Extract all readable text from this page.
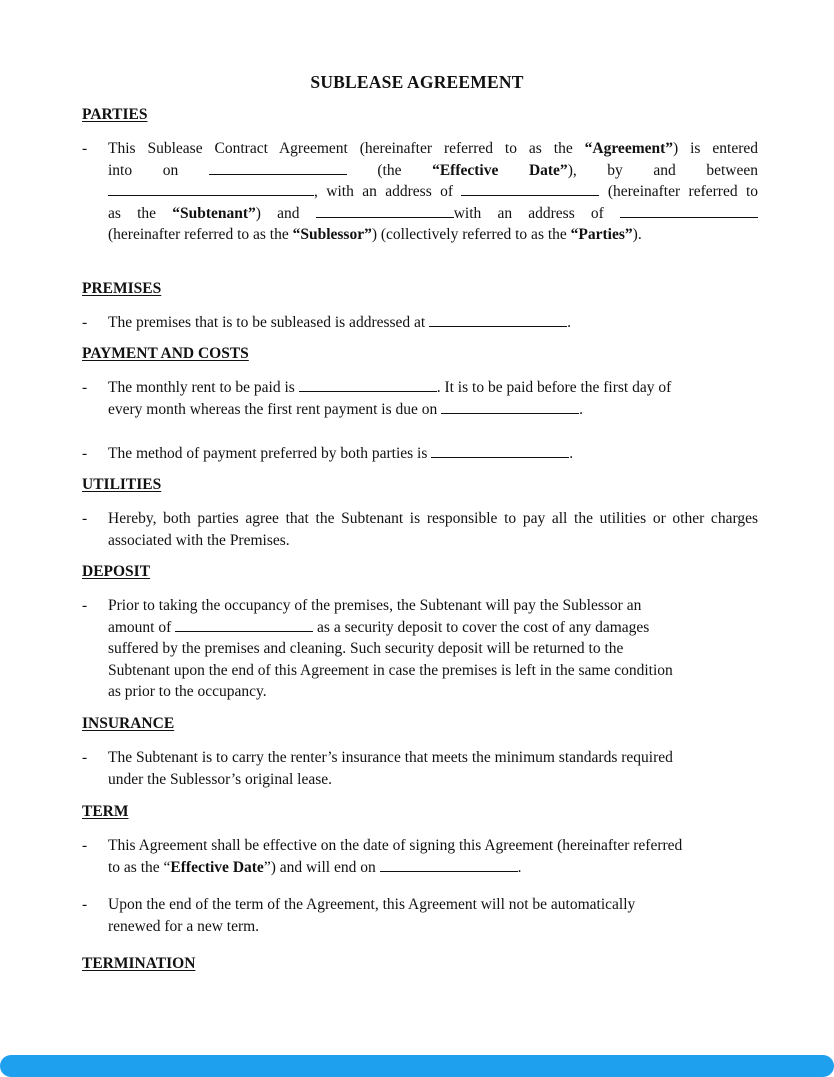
SUBLEASE AGREEMENT
PARTIES
-	This Sublease Contract Agreement (hereinafter referred to as the “Agreement”) is entered
into on	(the “Effective Date”), by and between
, with an address of	(hereinafter referred to
as the “Subtenant”) and	with an address of
(hereinafter referred to as the “Sublessor”) (collectively referred to as the “Parties”).
PREMISES
-	The premises that is to be subleased is addressed at	.
PAYMENT AND COSTS
-	The monthly rent to be paid is	. It is to be paid before the first day of
every month whereas the first rent payment is due on	.
-	The method of payment preferred by both parties is	.
UTILITIES
-	Hereby, both parties agree that the Subtenant is responsible to pay all the utilities or other charges associated with the Premises.
DEPOSIT
-	Prior to taking the occupancy of the premises, the Subtenant will pay the Sublessor an
amount of	as a security deposit to cover the cost of any damages
suffered by the premises and cleaning. Such security deposit will be returned to the
Subtenant upon the end of this Agreement in case the premises is left in the same condition
as prior to the occupancy.
INSURANCE
-	The Subtenant is to carry the renter’s insurance that meets the minimum standards required
under the Sublessor’s original lease.
TERM
-	This Agreement shall be effective on the date of signing this Agreement (hereinafter referred
to as the “Effective Date”) and will end on	.
-	Upon the end of the term of the Agreement, this Agreement will not be automatically
renewed for a new term.
TERMINATION
